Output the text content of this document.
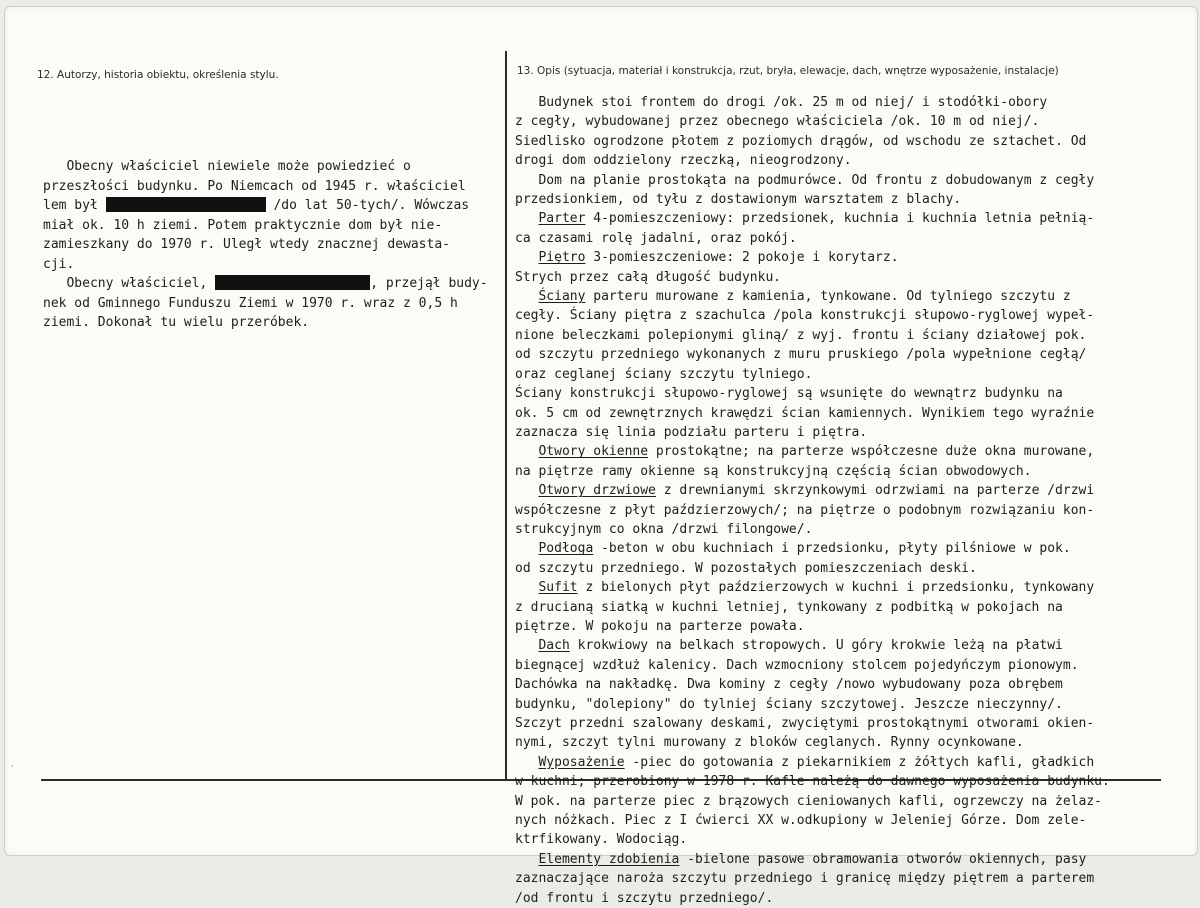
,
12. Autorzy, historia obiektu, określenia stylu.	13. Opis (sytuacja, materiał i konstrukcja, rzut, bryła, elewacje, dach, wnętrze wyposażenie, instalacje)
Obecny właściciel niewiele może powiedzieć o
przeszłości budynku. Po Niemcach od 1945 r. właściciel
lem był	/do lat 50-tych/. Wówczas
miał ok. 10 h ziemi. Potem praktycznie dom był nie-
zamieszkany do 1970 r. Uległ wtedy znacznej dewasta-
cji.
Obecny właściciel,	, przejął budy-
nek od Gminnego Funduszu Ziemi w 1970 r. wraz z 0,5 h
ziemi. Dokonał tu wielu przeróbek.
Budynek stoi frontem do drogi /ok. 25 m od niej/ i stodółki-obory
z cegły, wybudowanej przez obecnego właściciela /ok. 10 m od niej/.
Siedlisko ogrodzone płotem z poziomych drągów, od wschodu ze sztachet. Od
drogi dom oddzielony rzeczką, nieogrodzony.
Dom na planie prostokąta na podmurówce. Od frontu z dobudowanym z cegły
przedsionkiem, od tyłu z dostawionym warsztatem z blachy.
Parter 4-pomieszczeniowy: przedsionek, kuchnia i kuchnia letnia pełnią-
ca czasami rolę jadalni, oraz pokój.
Piętro 3-pomieszczeniowe: 2 pokoje i korytarz.
Strych przez całą długość budynku.
Ściany parteru murowane z kamienia, tynkowane. Od tylniego szczytu z
cegły. Ściany piętra z szachulca /pola konstrukcji słupowo-ryglowej wypeł-
nione beleczkami polepionymi gliną/ z wyj. frontu i ściany działowej pok.
od szczytu przedniego wykonanych z muru pruskiego /pola wypełnione cegłą/
oraz ceglanej ściany szczytu tylniego.
Ściany konstrukcji słupowo-ryglowej są wsunięte do wewnątrz budynku na
ok. 5 cm od zewnętrznych krawędzi ścian kamiennych. Wynikiem tego wyraźnie
zaznacza się linia podziału parteru i piętra.
Otwory okienne prostokątne; na parterze współczesne duże okna murowane,
na piętrze ramy okienne są konstrukcyjną częścią ścian obwodowych.
Otwory drzwiowe z drewnianymi skrzynkowymi odrzwiami na parterze /drzwi
współczesne z płyt paździerzowych/; na piętrze o podobnym rozwiązaniu kon-
strukcyjnym co okna /drzwi filongowe/.
Podłoga -beton w obu kuchniach i przedsionku, płyty pilśniowe w pok.
od szczytu przedniego. W pozostałych pomieszczeniach deski.
Sufit z bielonych płyt paździerzowych w kuchni i przedsionku, tynkowany
z drucianą siatką w kuchni letniej, tynkowany z podbitką w pokojach na
piętrze. W pokoju na parterze powała.
Dach krokwiowy na belkach stropowych. U góry krokwie leżą na płatwi
biegnącej wzdłuż kalenicy. Dach wzmocniony stolcem pojedyńczym pionowym.
Dachówka na nakładkę. Dwa kominy z cegły /nowo wybudowany poza obrębem
budynku, "dolepiony" do tylniej ściany szczytowej. Jeszcze nieczynny/.
Szczyt przedni szalowany deskami, zwyciętymi prostokątnymi otworami okien-
nymi, szczyt tylni murowany z bloków ceglanych. Rynny ocynkowane.
Wyposażenie -piec do gotowania z piekarnikiem z żółtych kafli, gładkich
w kuchni; przerobiony w 1978 r. Kafle należą do dawnego wyposażenia budynku.
W pok. na parterze piec z brązowych cieniowanych kafli, ogrzewczy na żelaz-
nych nóżkach. Piec z I ćwierci XX w.odkupiony w Jeleniej Górze. Dom zele-
ktrfikowany. Wodociąg.
Elementy zdobienia -bielone pasowe obramowania otworów okiennych, pasy
zaznaczające naroża szczytu przedniego i granicę między piętrem a parterem
/od frontu i szczytu przedniego/.
